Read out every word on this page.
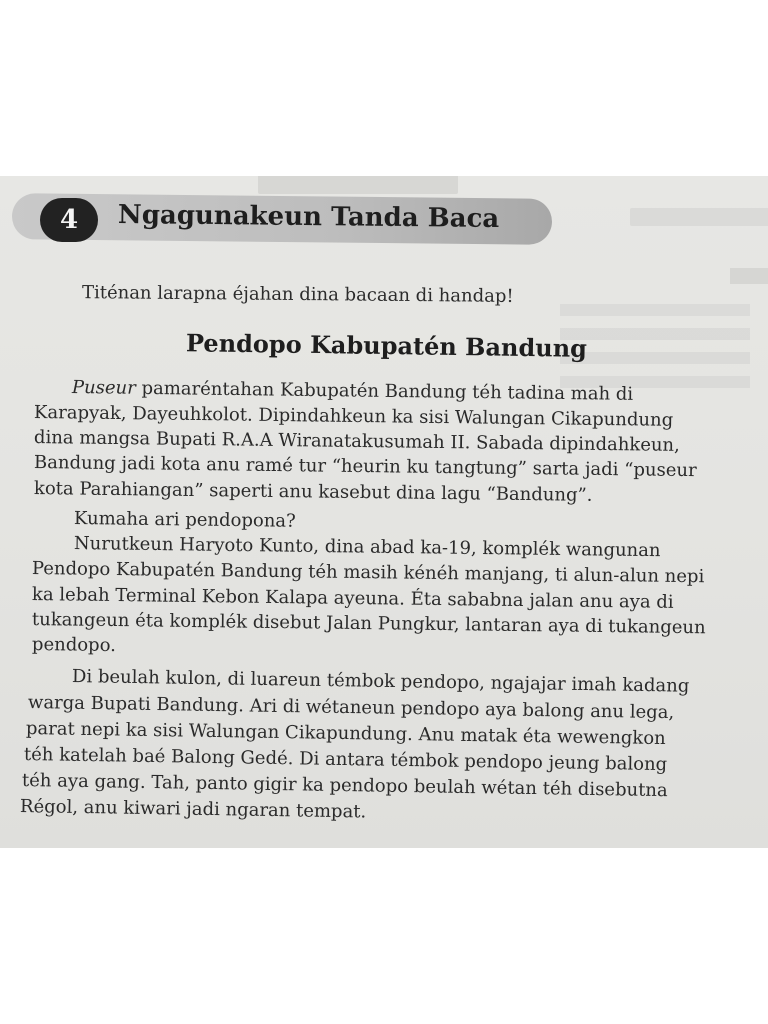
4	Ngagunakeun Tanda Baca
Titénan larapna éjahan dina bacaan di handap!
Pendopo Kabupatén Bandung
Puseur pamaréntahan Kabupatén Bandung téh tadina mah di
Karapyak, Dayeuhkolot. Dipindahkeun ka sisi Walungan Cikapundung
dina mangsa Bupati R.A.A Wiranatakusumah II. Sabada dipindahkeun,
Bandung jadi kota anu ramé tur “heurin ku tangtung” sarta jadi “puseur
kota Parahiangan” saperti anu kasebut dina lagu “Bandung”.
Kumaha ari pendopona?
Nurutkeun Haryoto Kunto, dina abad ka-19, komplék wangunan
Pendopo Kabupatén Bandung téh masih kénéh manjang, ti alun-alun nepi
ka lebah Terminal Kebon Kalapa ayeuna. Éta sababna jalan anu aya di
tukangeun éta komplék disebut Jalan Pungkur, lantaran aya di tukangeun
pendopo.
Di beulah kulon, di luareun témbok pendopo, ngajajar imah kadang
warga Bupati Bandung. Ari di wétaneun pendopo aya balong anu lega,
parat nepi ka sisi Walungan Cikapundung. Anu matak éta wewengkon
téh katelah baé Balong Gedé. Di antara témbok pendopo jeung balong
téh aya gang. Tah, panto gigir ka pendopo beulah wétan téh disebutna
Régol, anu kiwari jadi ngaran tempat.
